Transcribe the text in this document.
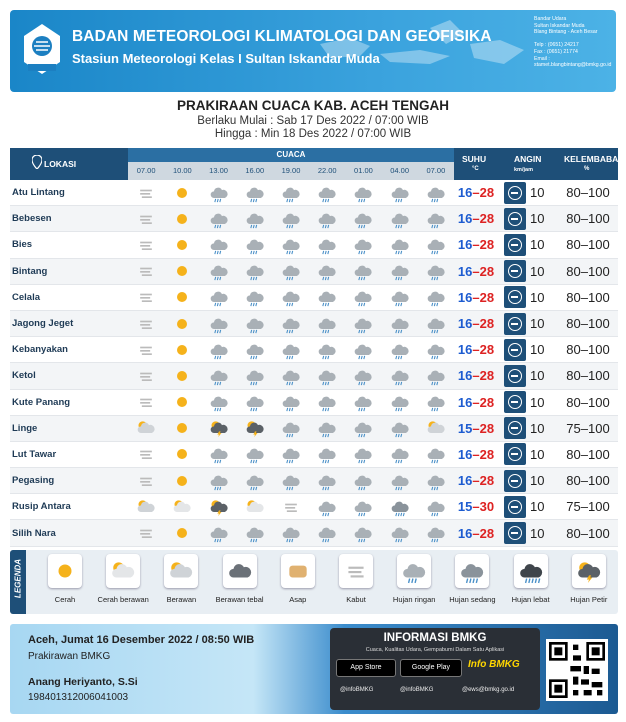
BADAN METEOROLOGI KLIMATOLOGI DAN GEOFISIKA
Stasiun Meteorologi Kelas I Sultan Iskandar Muda
Bandar Udara
Sultan Iskandar Muda
Blang Bintang - Aceh Besar

Telp : (0651) 24217
Fax : (0651) 21774
Email :
stamet.blangbintang@bmkg.go.id
PRAKIRAAN CUACA KAB. ACEH TENGAH
Berlaku Mulai : Sab 17 Des 2022 / 07:00 WIB
Hingga : Min 18 Des 2022 / 07:00 WIB
LOKASI
CUACA
07.00	10.00	13.00	16.00	19.00	22.00	01.00	04.00	07.00
SUHU
°C
ANGIN
km/jam
KELEMBABAN
%
Atu Lintang	16–28	10	80–100
Bebesen	16–28	10	80–100
Bies	16–28	10	80–100
Bintang	16–28	10	80–100
Celala	16–28	10	80–100
Jagong Jeget	16–28	10	80–100
Kebanyakan	16–28	10	80–100
Ketol	16–28	10	80–100
Kute Panang	16–28	10	80–100
Linge	15–28	10	75–100
Lut Tawar	16–28	10	80–100
Pegasing	16–28	10	80–100
Rusip Antara	15–30	10	75–100
Silih Nara	16–28	10	80–100
LEGENDA
Cerah	Cerah berawan	Berawan	Berawan tebal	Asap	Kabut	Hujan ringan	Hujan sedang	Hujan lebat	Hujan Petir
Aceh, Jumat 16 Desember 2022 / 08:50 WIB
Prakirawan BMKG
Anang Heriyanto, S.Si
198401312006041003
INFORMASI BMKG
Cuaca, Kualitas Udara, Gempabumi Dalam Satu Aplikasi
App Store	Google Play	Info BMKG
@infoBMKG	@infoBMKG	@ews@bmkg.go.id
